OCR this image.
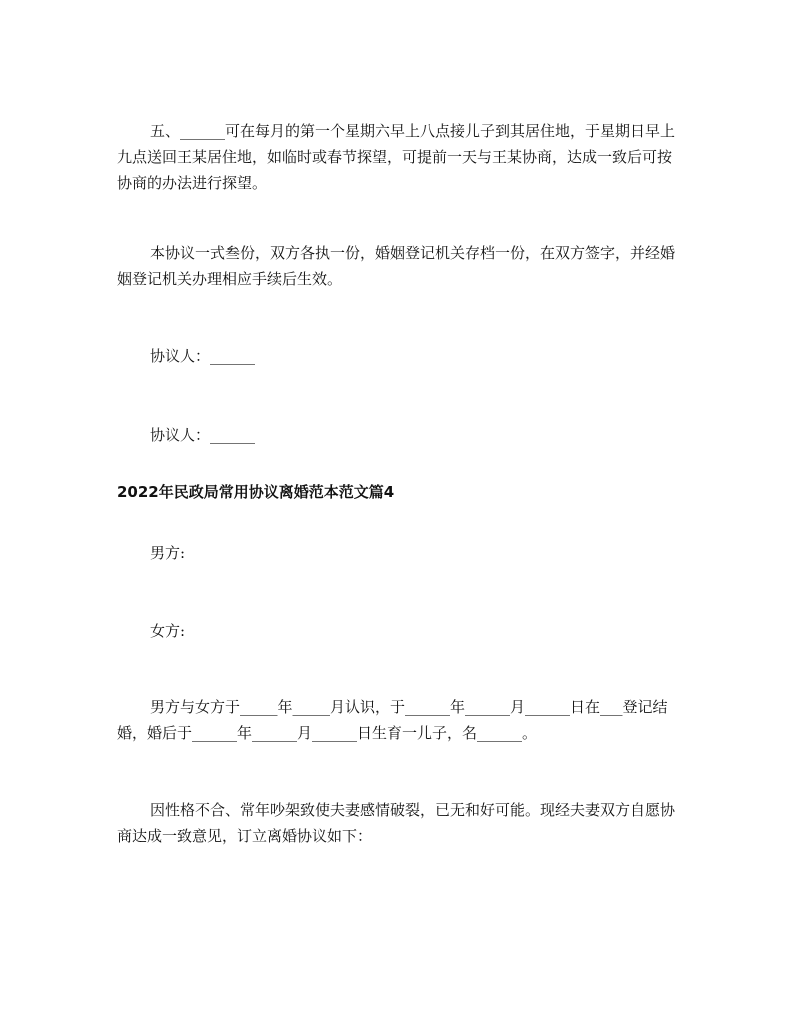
五、______可在每月的第一个星期六早上八点接儿子到其居住地，于星期日早上九点送回王某居住地，如临时或春节探望，可提前一天与王某协商，达成一致后可按协商的办法进行探望。

本协议一式叁份，双方各执一份，婚姻登记机关存档一份，在双方签字，并经婚姻登记机关办理相应手续后生效。

协议人：______

协议人：______

2022年民政局常用协议离婚范本范文篇4

男方:

女方:

男方与女方于_____年_____月认识，于______年______月______日在___登记结婚，婚后于______年______月______日生育一儿子，名______。

因性格不合、常年吵架致使夫妻感情破裂，已无和好可能。现经夫妻双方自愿协商达成一致意见，订立离婚协议如下：
